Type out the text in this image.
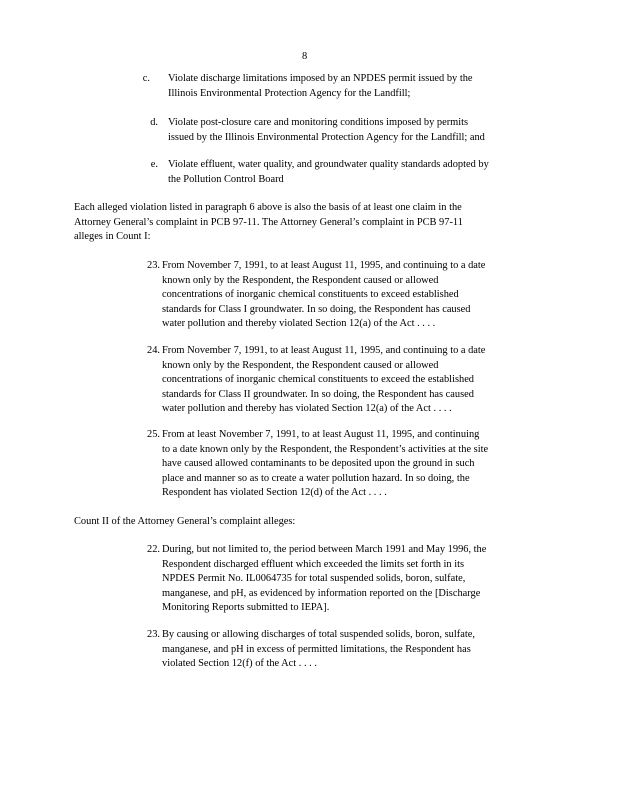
8
c. Violate discharge limitations imposed by an NPDES permit issued by the
Illinois Environmental Protection Agency for the Landfill;
d. Violate post-closure care and monitoring conditions imposed by permits
issued by the Illinois Environmental Protection Agency for the Landfill; and
e. Violate effluent, water quality, and groundwater quality standards adopted by
the Pollution Control Board
Each alleged violation listed in paragraph 6 above is also the basis of at least one claim in the
Attorney General’s complaint in PCB 97-11. The Attorney General’s complaint in PCB 97-11
alleges in Count I:
23. From November 7, 1991, to at least August 11, 1995, and continuing to a date
known only by the Respondent, the Respondent caused or allowed
concentrations of inorganic chemical constituents to exceed established
standards for Class I groundwater. In so doing, the Respondent has caused
water pollution and thereby violated Section 12(a) of the Act . . . .
24. From November 7, 1991, to at least August 11, 1995, and continuing to a date
known only by the Respondent, the Respondent caused or allowed
concentrations of inorganic chemical constituents to exceed the established
standards for Class II groundwater. In so doing, the Respondent has caused
water pollution and thereby has violated Section 12(a) of the Act . . . .
25. From at least November 7, 1991, to at least August 11, 1995, and continuing
to a date known only by the Respondent, the Respondent’s activities at the site
have caused allowed contaminants to be deposited upon the ground in such
place and manner so as to create a water pollution hazard. In so doing, the
Respondent has violated Section 12(d) of the Act . . . .
Count II of the Attorney General’s complaint alleges:
22. During, but not limited to, the period between March 1991 and May 1996, the
Respondent discharged effluent which exceeded the limits set forth in its
NPDES Permit No. IL0064735 for total suspended solids, boron, sulfate,
manganese, and pH, as evidenced by information reported on the [Discharge
Monitoring Reports submitted to IEPA].
23. By causing or allowing discharges of total suspended solids, boron, sulfate,
manganese, and pH in excess of permitted limitations, the Respondent has
violated Section 12(f) of the Act . . . .
